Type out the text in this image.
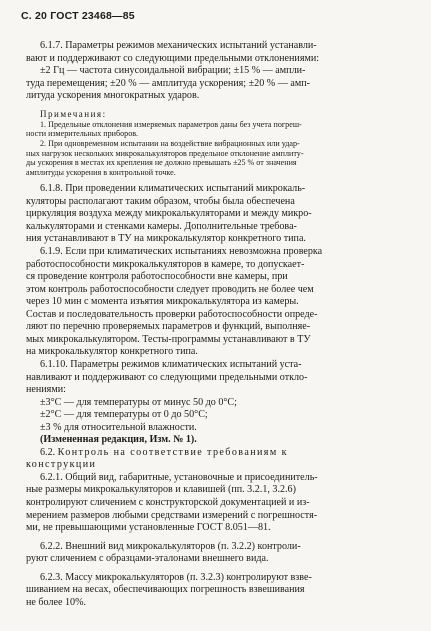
С. 20 ГОСТ 23468—85

6.1.7. Параметры режимов механических испытаний устанавли-

вают и поддерживают со следующими предельными отклонениями:

±2 Гц — частота синусоидальной вибрации; ±15 % — ампли-

туда перемещения; ±20 % — амплитуда ускорения; ±20 % — амп-

литуда ускорения многократных ударов.

Примечания:

1. Предельные отклонения измеряемых параметров даны без учета погреш-

ности измерительных приборов.

2. При одновременном испытании на воздействие вибрационных или удар-

ных нагрузок нескольких микрокалькуляторов предельное отклонение амплиту-

ды ускорения в местах их крепления не должно превышать ±25 % от значения

амплитуды ускорения в контрольной точке.

6.1.8. При проведении климатических испытаний микрокаль-

куляторы располагают таким образом, чтобы была обеспечена

циркуляция воздуха между микрокалькуляторами и между микро-

калькуляторами и стенками камеры. Дополнительные требова-

ния устанавливают в ТУ на микрокалькулятор конкретного типа.

6.1.9. Если при климатических испытаниях невозможна проверка

работоспособности микрокалькуляторов в камере, то допускает-

ся проведение контроля работоспособности вне камеры, при

этом контроль работоспособности следует проводить не более чем

через 10 мин с момента изъятия микрокалькулятора из камеры.

Состав и последовательность проверки работоспособности опреде-

ляют по перечню проверяемых параметров и функций, выполняе-

мых микрокалькулятором. Тесты-программы устанавливают в ТУ

на микрокалькулятор конкретного типа.

6.1.10. Параметры режимов климатических испытаний уста-

навливают и поддерживают со следующими предельными откло-

нениями:

±3°С — для температуры от минус 50 до 0°С;

±2°С — для температуры от 0 до 50°С;

±3 % для относительной влажности.

(Измененная редакция, Изм. № 1).

6.2. Контроль на соответствие требованиям к

конструкции

6.2.1. Общий вид, габаритные, установочные и присоединитель-

ные размеры микрокалькуляторов и клавишей (пп. 3.2.1, 3.2.6)

контролируют сличением с конструкторской документацией и из-

мерением размеров любыми средствами измерений с погрешностя-

ми, не превышающими установленные ГОСТ 8.051—81.

6.2.2. Внешний вид микрокалькуляторов (п. 3.2.2) контроли-

руют сличением с образцами-эталонами внешнего вида.

6.2.3. Массу микрокалькуляторов (п. 3.2.3) контролируют взве-

шиванием на весах, обеспечивающих погрешность взвешивания

не более 10%.
